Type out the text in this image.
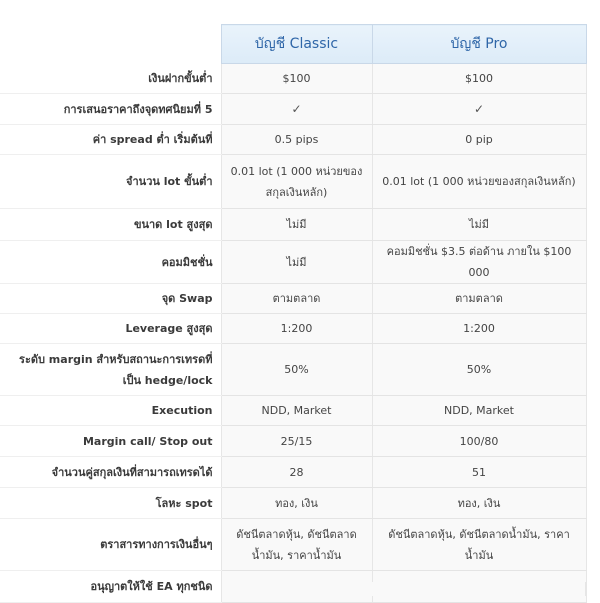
	บัญชี Classic	บัญชี Pro
เงินฝากขั้นต่ำ	$100	$100
การเสนอราคาถึงจุดทศนิยมที่ 5	✓	✓
ค่า spread ต่ำ เริ่มต้นที่	0.5 pips	0 pip
จำนวน lot ขั้นต่ำ	0.01 lot (1 000 หน่วยของสกุลเงินหลัก)	0.01 lot (1 000 หน่วยของสกุลเงินหลัก)
ขนาด lot สูงสุด	ไม่มี	ไม่มี
คอมมิชชั่น	ไม่มี	คอมมิชชั่น $3.5 ต่อด้าน ภายใน $100 000
จุด Swap	ตามตลาด	ตามตลาด
Leverage สูงสุด	1:200	1:200
ระดับ margin สำหรับสถานะการเทรดที่เป็น hedge/lock	50%	50%
Execution	NDD, Market	NDD, Market
Margin call/ Stop out	25/15	100/80
จำนวนคู่สกุลเงินที่สามารถเทรดได้	28	51
โลหะ spot	ทอง, เงิน	ทอง, เงิน
ตราสารทางการเงินอื่นๆ	ดัชนีตลาดหุ้น, ดัชนีตลาดน้ำมัน, ราคาน้ำมัน	ดัชนีตลาดหุ้น, ดัชนีตลาดน้ำมัน, ราคาน้ำมัน
อนุญาตให้ใช้ EA ทุกชนิด		
